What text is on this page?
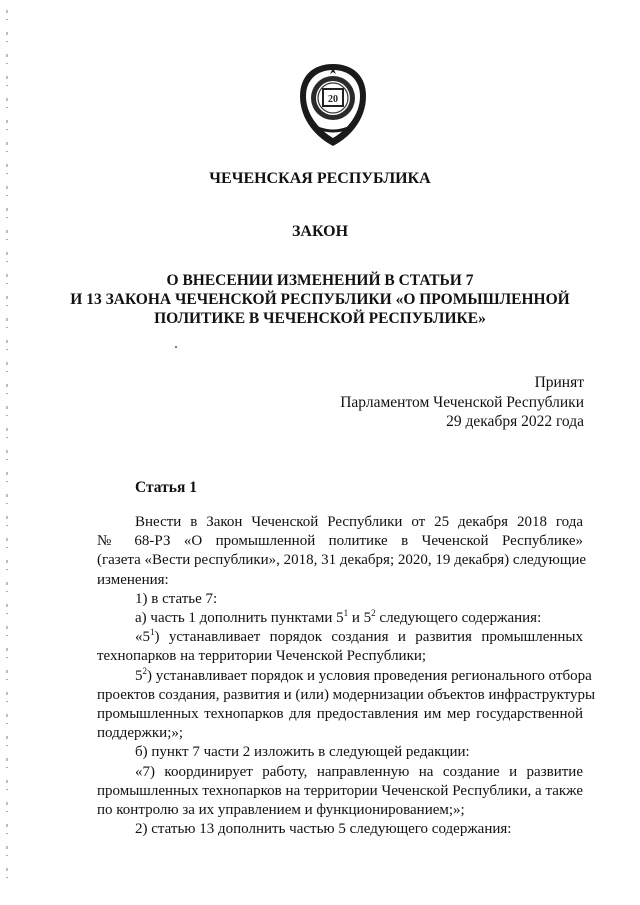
20
ЧЕЧЕНСКАЯ РЕСПУБЛИКА
ЗАКОН
О ВНЕСЕНИИ ИЗМЕНЕНИЙ В СТАТЬИ 7
И 13 ЗАКОНА ЧЕЧЕНСКОЙ РЕСПУБЛИКИ «О ПРОМЫШЛЕННОЙ
ПОЛИТИКЕ В ЧЕЧЕНСКОЙ РЕСПУБЛИКЕ»
Принят
Парламентом Чеченской Республики
29 декабря 2022 года
Статья 1
Внести в Закон Чеченской Республики от 25 декабря 2018 года
№ 68-РЗ «О промышленной политике в Чеченской Республике»
(газета «Вести республики», 2018, 31 декабря; 2020, 19 декабря) следующие
изменения:
1) в статье 7:
а) часть 1 дополнить пунктами $5^1$ и $5^2$ следующего содержания:
«$5^1$) устанавливает порядок создания и развития промышленных
технопарков на территории Чеченской Республики;
$5^2$) устанавливает порядок и условия проведения регионального отбора
проектов создания, развития и (или) модернизации объектов инфраструктуры
промышленных технопарков для предоставления им мер государственной
поддержки;»;
б) пункт 7 части 2 изложить в следующей редакции:
«7) координирует работу, направленную на создание и развитие
промышленных технопарков на территории Чеченской Республики, а также
по контролю за их управлением и функционированием;»;
2) статью 13 дополнить частью 5 следующего содержания:
